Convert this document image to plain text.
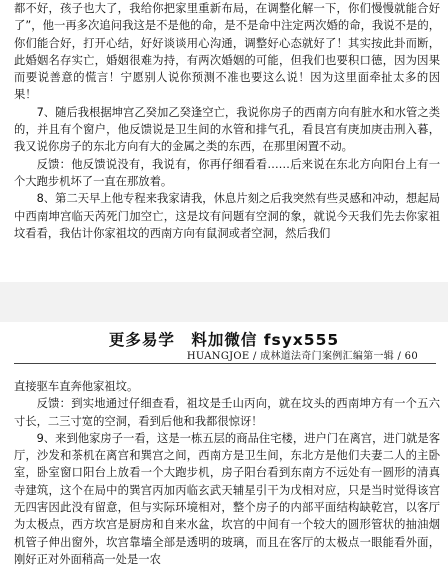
都不好，孩子也大了，我给你把家里重新布局，在调整化解一下，你们慢慢就能合好了”，他一再多次追问我这是不是他的命，是不是命中注定两次婚的命，我说不是的，你们能合好，打开心结，好好谈谈用心沟通，调整好心态就好了！其实按此卦而断，此婚姻名存实亡，婚姻很难为持，有两次婚姻的可能，但我们也要积口德，因为因果而要说善意的慌言！宁愿别人说你预测不准也要这么说！因为这里面牵扯太多的因果！

7、随后我根据坤宫乙癸加乙癸逢空亡，我说你房子的西南方向有脏水和水管之类的，并且有个窗户，他反馈说是卫生间的水管和排气孔，看艮宫有庚加庚击刑入暮，我又说你房子的东北方向有大的金属之类的东西，在那里闲置不动。

反馈：他反馈说没有，我说有，你再仔细看看……后来说在东北方向阳台上有一个大跑步机坏了一直在那放着。

8、第二天早上他专程来我家请我，休息片刻之后我突然有些灵感和冲动，想起局中西南坤宫临天芮死门加空亡，这是坟有问题有空洞的象，就说今天我们先去你家祖坟看看，我估计你家祖坟的西南方向有鼠洞或者空洞，然后我们

更多易学　料加微信 fsyx555
HUANGJOE / 成林道法奇门案例汇编第一辑 / 60

直接驱车直奔他家祖坟。

反馈：到实地通过仔细查看，祖坟是壬山丙向，就在坟头的西南坤方有一个五六寸长，二三寸宽的空洞，看到后他和我都很惊讶！

9、来到他家房子一看，这是一栋五层的商品住宅楼，进户门在离宫，进门就是客厅，沙发和茶机在离宫和巽宫之间，西南方是卫生间，东北方是他们夫妻二人的主卧室，卧室窗口阳台上放看一个大跑步机，房子阳台看到东南方不远处有一圆形的清真寺建筑，这个在局中的巽宫丙加丙临玄武天辅星引干为戊相对应，只是当时觉得该宫无四害因此没有留意，但与实际环境相对，整个房子的内部平面结构缺乾宫，以客厅为太极点，西方坎宫是厨房和自来水盆，坎宫的中间有一个较大的圆形管状的抽油烟机管子伸出窗外，坎宫靠墙全部是透明的玻璃，而且在客厅的太极点一眼能看外面，刚好正对外面稍高一处是一农
